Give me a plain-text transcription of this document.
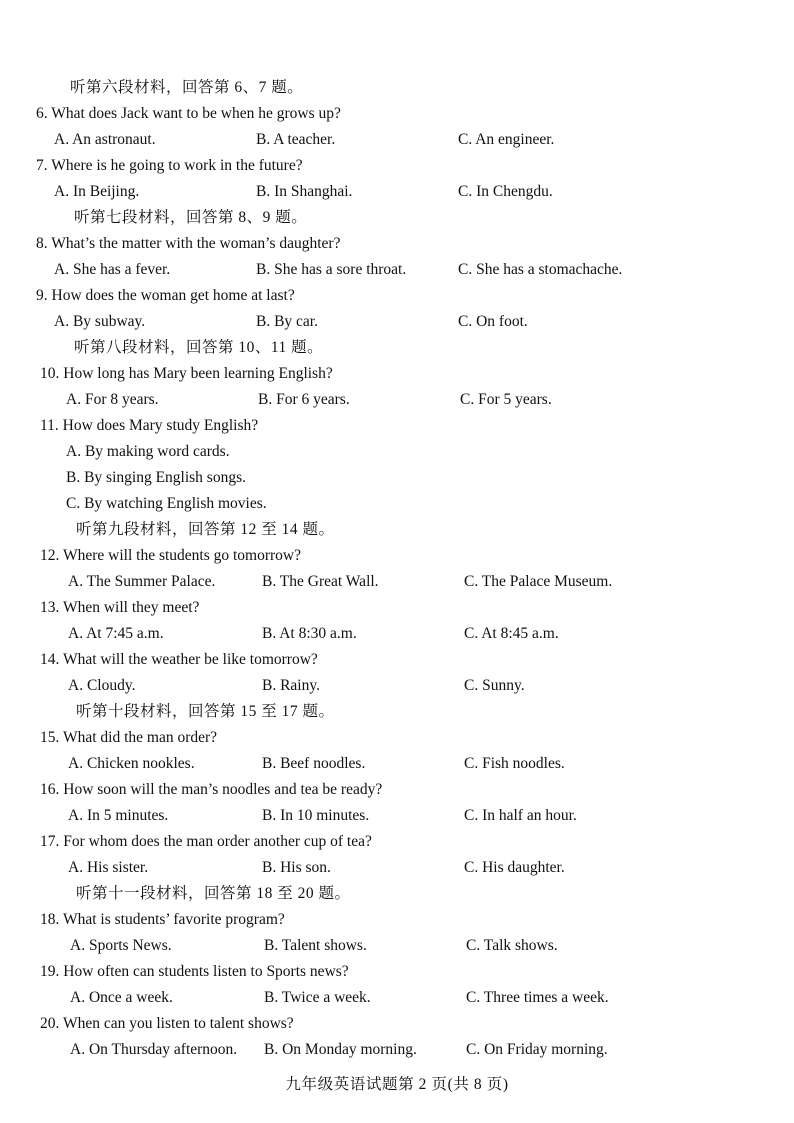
听第六段材料，回答第 6、7 题。
6. What does Jack want to be when he grows up?
A. An astronaut.	B. A teacher.	C. An engineer.
7. Where is he going to work in the future?
A. In Beijing.	B. In Shanghai.	C. In Chengdu.
听第七段材料，回答第 8、9 题。
8. What’s the matter with the woman’s daughter?
A. She has a fever.	B. She has a sore throat.	C. She has a stomachache.
9. How does the woman get home at last?
A. By subway.	B. By car.	C. On foot.
听第八段材料，回答第 10、11 题。
10. How long has Mary been learning English?
A. For 8 years.	B. For 6 years.	C. For 5 years.
11. How does Mary study English?
A. By making word cards.
B. By singing English songs.
C. By watching English movies.
听第九段材料，回答第 12 至 14 题。
12. Where will the students go tomorrow?
A. The Summer Palace.	B. The Great Wall.	C. The Palace Museum.
13. When will they meet?
A. At 7:45 a.m.	B. At 8:30 a.m.	C. At 8:45 a.m.
14. What will the weather be like tomorrow?
A. Cloudy.	B. Rainy.	C. Sunny.
听第十段材料，回答第 15 至 17 题。
15. What did the man order?
A. Chicken nookles.	B. Beef noodles.	C. Fish noodles.
16. How soon will the man’s noodles and tea be ready?
A. In 5 minutes.	B. In 10 minutes.	C. In half an hour.
17. For whom does the man order another cup of tea?
A. His sister.	B. His son.	C. His daughter.
听第十一段材料，回答第 18 至 20 题。
18. What is students’ favorite program?
A. Sports News.	B. Talent shows.	C. Talk shows.
19. How often can students listen to Sports news?
A. Once a week.	B. Twice a week.	C. Three times a week.
20. When can you listen to talent shows?
A. On Thursday afternoon. B. On Monday morning.	C. On Friday morning.
九年级英语试题第 2 页(共 8 页)
